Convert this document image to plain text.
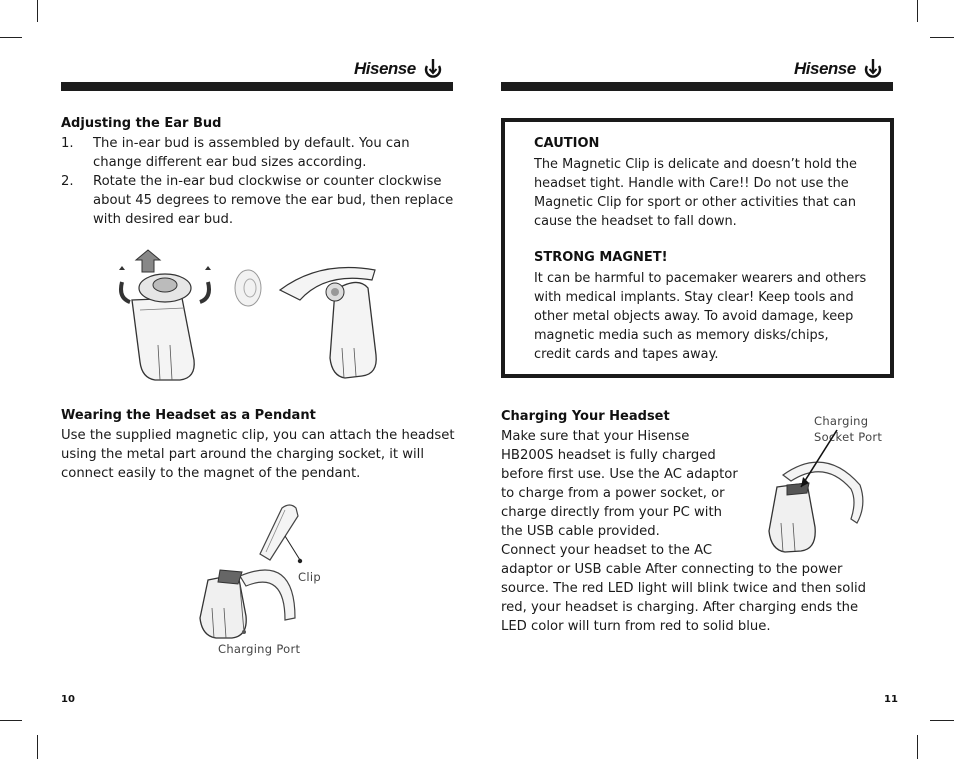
Hisense
Adjusting the Ear Bud
1.	The in-ear bud is assembled by default. You can
change different ear bud sizes according.
2.	Rotate the in-ear bud clockwise or counter clockwise
about 45 degrees to remove the ear bud, then replace
with desired ear bud.
Wearing the Headset as a Pendant
Use the supplied magnetic clip, you can attach the headset
using the metal part around the charging socket, it will
connect easily to the magnet of the pendant.
Clip
Charging Port
10
Hisense
CAUTION
The Magnetic Clip is delicate and doesn’t hold the
headset tight. Handle with Care!! Do not use the
Magnetic Clip for sport or other activities that can
cause the headset to fall down.
STRONG MAGNET!
It can be harmful to pacemaker wearers and others
with medical implants. Stay clear! Keep tools and
other metal objects away. To avoid damage, keep
magnetic media such as memory disks/chips,
credit cards and tapes away.
Charging Your Headset
Make sure that your Hisense
HB200S headset is fully charged
before first use. Use the AC adaptor
to charge from a power socket, or
charge directly from your PC with
the USB cable provided.
Connect your headset to the AC
adaptor or USB cable After connecting to the power
source. The red LED light will blink twice and then solid
red, your headset is charging. After charging ends the
LED color will turn from red to solid blue.
Charging
Socket Port
11
